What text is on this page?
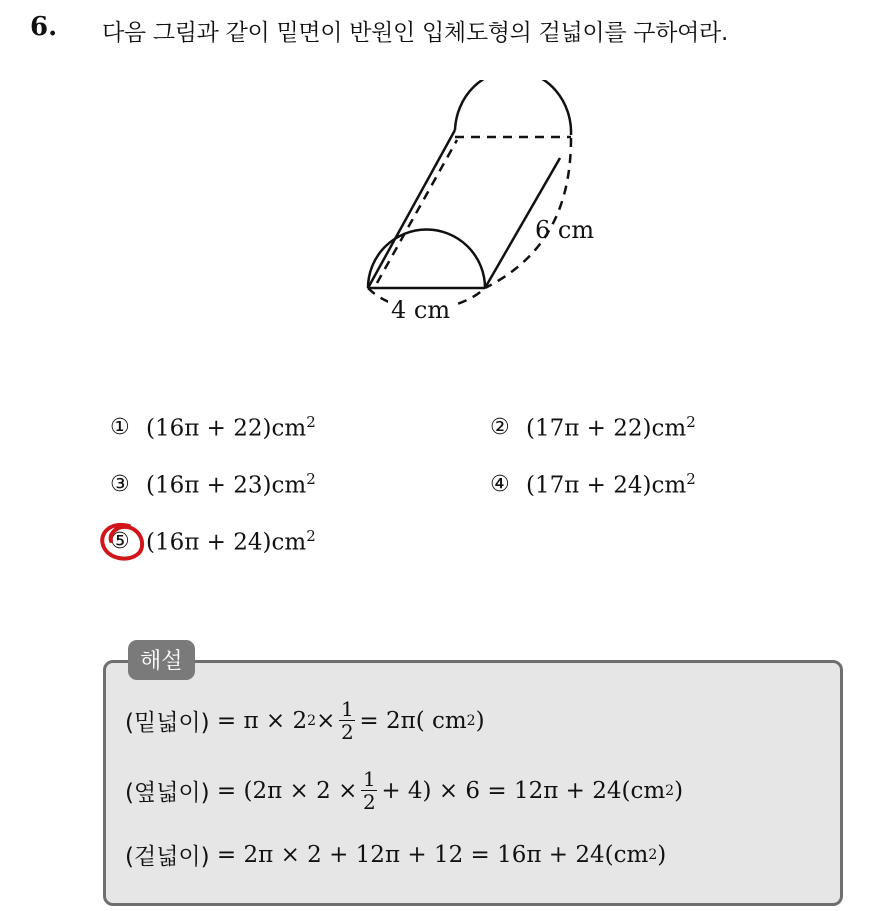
6. 다음 그림과 같이 밑면이 반원인 입체도형의 겉넓이를 구하여라.
6 cm
4 cm
① $(16\pi + 22)cm^2$	② $(17\pi + 22)cm^2$
③ $(16\pi + 23)cm^2$	④ $(17\pi + 24)cm^2$
⑤ $(16\pi + 24)cm^2$
해설
(밑넓이)
= π × 2 $2 \times \frac{1}{2} = 2\pi$( cm 2 )
(옆넓이)
= $(2\pi \times 2 \times \frac{1}{2} + 4) \times 6 = 12\pi + 24(cm$ 2 )
(겉넓이)
= 2π × 2 + 12π + 12 = 16π + 24(cm 2 )
